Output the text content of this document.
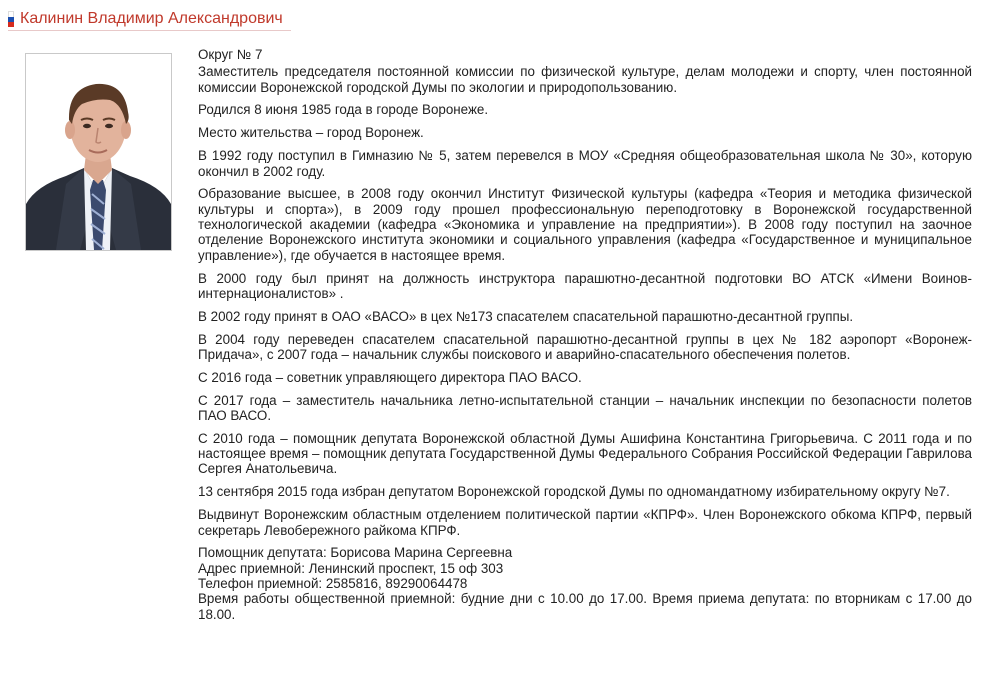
Калинин Владимир Александрович

Округ № 7

Заместитель председателя постоянной комиссии по физической культуре, делам молодежи и спорту, член постоянной комиссии Воронежской городской Думы по экологии и природопользованию.

Родился 8 июня 1985 года в городе Воронеже.

Место жительства – город Воронеж.

В 1992 году поступил в Гимназию № 5, затем перевелся в МОУ «Средняя общеобразовательная школа № 30», которую окончил в 2002 году.

Образование высшее, в 2008 году окончил Институт Физической культуры (кафедра «Теория и методика физической культуры и спорта»), в 2009 году прошел профессиональную переподготовку в Воронежской государственной технологической академии (кафедра «Экономика и управление на предприятии»). В 2008 году поступил на заочное отделение Воронежского института экономики и социального управления (кафедра «Государственное и муниципальное управление»), где обучается в настоящее время.

В 2000 году был принят на должность инструктора парашютно-десантной подготовки ВО АТСК «Имени Воинов-интернационалистов» .

В 2002 году принят в ОАО «ВАСО» в цех №173 спасателем спасательной парашютно-десантной группы.

В 2004 году переведен спасателем спасательной парашютно-десантной группы в цех № 182 аэропорт «Воронеж-Придача», с 2007 года – начальник службы поискового и аварийно-спасательного обеспечения полетов.

С 2016 года – советник управляющего директора ПАО ВАСО.

С 2017 года – заместитель начальника летно-испытательной станции – начальник инспекции по безопасности полетов ПАО ВАСО.

С 2010 года – помощник депутата Воронежской областной Думы Ашифина Константина Григорьевича. С 2011 года и по настоящее время – помощник депутата Государственной Думы Федерального Собрания Российской Федерации Гаврилова Сергея Анатольевича.

13 сентября 2015 года избран депутатом Воронежской городской Думы по одномандатному избирательному округу №7.

Выдвинут Воронежским областным отделением политической партии «КПРФ». Член Воронежского обкома КПРФ, первый секретарь Левобережного райкома КПРФ.

Помощник депутата: Борисова Марина Сергеевна

Адрес приемной: Ленинский проспект, 15 оф 303

Телефон приемной: 2585816, 89290064478

Время работы общественной приемной: будние дни с 10.00 до 17.00. Время приема депутата: по вторникам с 17.00 до 18.00.
